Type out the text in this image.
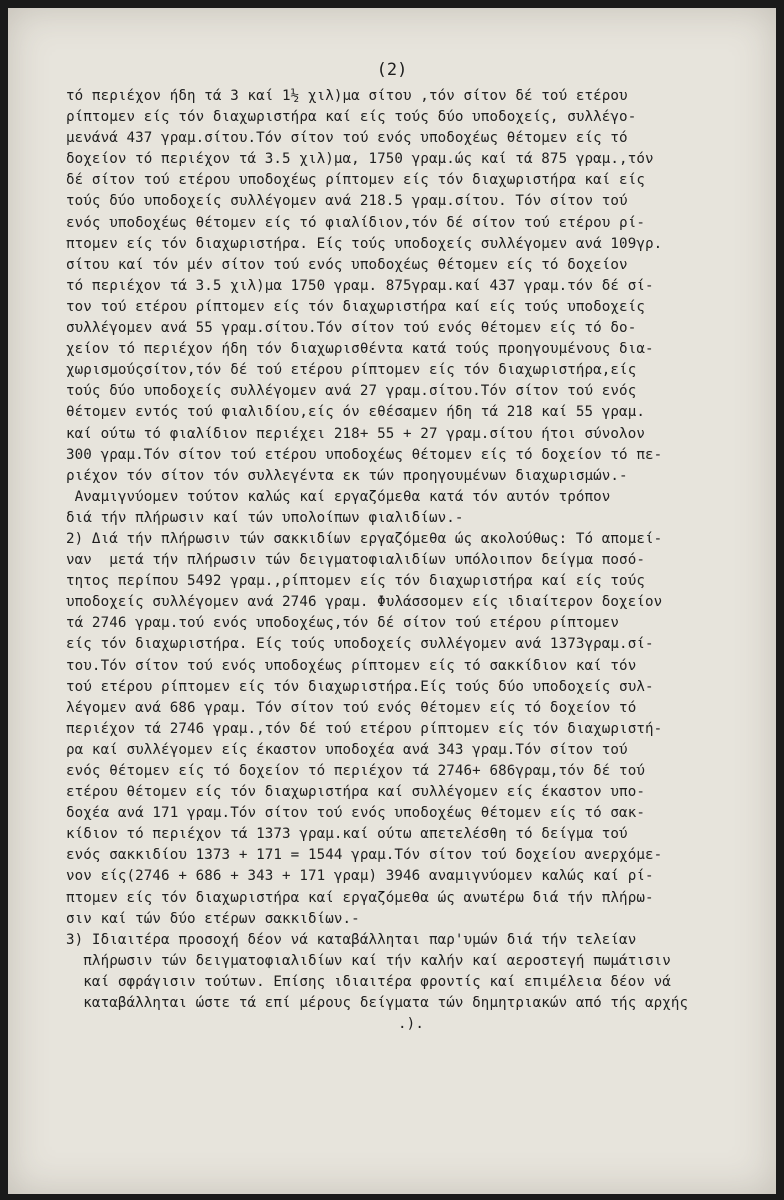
(2)
τό περιέχον ήδη τά 3 καί 1½ χιλ)μα σίτου ,τόν σίτον δέ τού ετέρου
ρίπτομεν είς τόν διαχωριστήρα καί είς τούς δύο υποδοχείς, συλλέγο-
μενάνά 437 γραμ.σίτου.Τόν σίτον τού ενός υποδοχέως θέτομεν είς τό
δοχείον τό περιέχον τά 3.5 χιλ)μα, 1750 γραμ.ώς καί τά 875 γραμ.,τόν
δέ σίτον τού ετέρου υποδοχέως ρίπτομεν είς τόν διαχωριστήρα καί είς
τούς δύο υποδοχείς συλλέγομεν ανά 218.5 γραμ.σίτου. Τόν σίτον τού
ενός υποδοχέως θέτομεν είς τό φιαλίδιον,τόν δέ σίτον τού ετέρου ρί-
πτομεν είς τόν διαχωριστήρα. Είς τούς υποδοχείς συλλέγομεν ανά 109γρ.
σίτου καί τόν μέν σίτον τού ενός υποδοχέως θέτομεν είς τό δοχείον
τό περιέχον τά 3.5 χιλ)μα 1750 γραμ. 875γραμ.καί 437 γραμ.τόν δέ σί-
τον τού ετέρου ρίπτομεν είς τόν διαχωριστήρα καί είς τούς υποδοχείς
συλλέγομεν ανά 55 γραμ.σίτου.Τόν σίτον τού ενός θέτομεν είς τό δο-
χείον τό περιέχον ήδη τόν διαχωρισθέντα κατά τούς προηγουμένους δια-
χωρισμούςσίτον,τόν δέ τού ετέρου ρίπτομεν είς τόν διαχωριστήρα,είς
τούς δύο υποδοχείς συλλέγομεν ανά 27 γραμ.σίτου.Τόν σίτον τού ενός
θέτομεν εντός τού φιαλιδίου,είς όν εθέσαμεν ήδη τά 218 καί 55 γραμ.
καί ούτω τό φιαλίδιον περιέχει 218+ 55 + 27 γραμ.σίτου ήτοι σύνολον
300 γραμ.Τόν σίτον τού ετέρου υποδοχέως θέτομεν είς τό δοχείον τό πε-
ριέχον τόν σίτον τόν συλλεγέντα εκ τών προηγουμένων διαχωρισμών.-
Αναμιγνύομεν τούτον καλώς καί εργαζόμεθα κατά τόν αυτόν τρόπον
διά τήν πλήρωσιν καί τών υπολοίπων φιαλιδίων.-
2) Διά τήν πλήρωσιν τών σακκιδίων εργαζόμεθα ώς ακολούθως: Τό απομεί-
ναν  μετά τήν πλήρωσιν τών δειγματοφιαλιδίων υπόλοιπον δείγμα ποσό-
τητος περίπου 5492 γραμ.,ρίπτομεν είς τόν διαχωριστήρα καί είς τούς
υποδοχείς συλλέγομεν ανά 2746 γραμ. Φυλάσσομεν είς ιδιαίτερον δοχείον
τά 2746 γραμ.τού ενός υποδοχέως,τόν δέ σίτον τού ετέρου ρίπτομεν
είς τόν διαχωριστήρα. Είς τούς υποδοχείς συλλέγομεν ανά 1373γραμ.σί-
του.Τόν σίτον τού ενός υποδοχέως ρίπτομεν είς τό σακκίδιον καί τόν
τού ετέρου ρίπτομεν είς τόν διαχωριστήρα.Είς τούς δύο υποδοχείς συλ-
λέγομεν ανά 686 γραμ. Τόν σίτον τού ενός θέτομεν είς τό δοχείον τό
περιέχον τά 2746 γραμ.,τόν δέ τού ετέρου ρίπτομεν είς τόν διαχωριστή-
ρα καί συλλέγομεν είς έκαστον υποδοχέα ανά 343 γραμ.Τόν σίτον τού
ενός θέτομεν είς τό δοχείον τό περιέχον τά 2746+ 686γραμ,τόν δέ τού
ετέρου θέτομεν είς τόν διαχωριστήρα καί συλλέγομεν είς έκαστον υπο-
δοχέα ανά 171 γραμ.Τόν σίτον τού ενός υποδοχέως θέτομεν είς τό σακ-
κίδιον τό περιέχον τά 1373 γραμ.καί ούτω απετελέσθη τό δείγμα τού
ενός σακκιδίου 1373 + 171 = 1544 γραμ.Τόν σίτον τού δοχείου ανερχόμε-
νον είς(2746 + 686 + 343 + 171 γραμ) 3946 αναμιγνύομεν καλώς καί ρί-
πτομεν είς τόν διαχωριστήρα καί εργαζόμεθα ώς ανωτέρω διά τήν πλήρω-
σιν καί τών δύο ετέρων σακκιδίων.-
3) Ιδιαιτέρα προσοχή δέον νά καταβάλληται παρ'υμών διά τήν τελείαν
πλήρωσιν τών δειγματοφιαλιδίων καί τήν καλήν καί αεροστεγή πωμάτισιν
καί σφράγισιν τούτων. Επίσης ιδιαιτέρα φροντίς καί επιμέλεια δέον νά
καταβάλληται ώστε τά επί μέρους δείγματα τών δημητριακών από τής αρχής
.).
